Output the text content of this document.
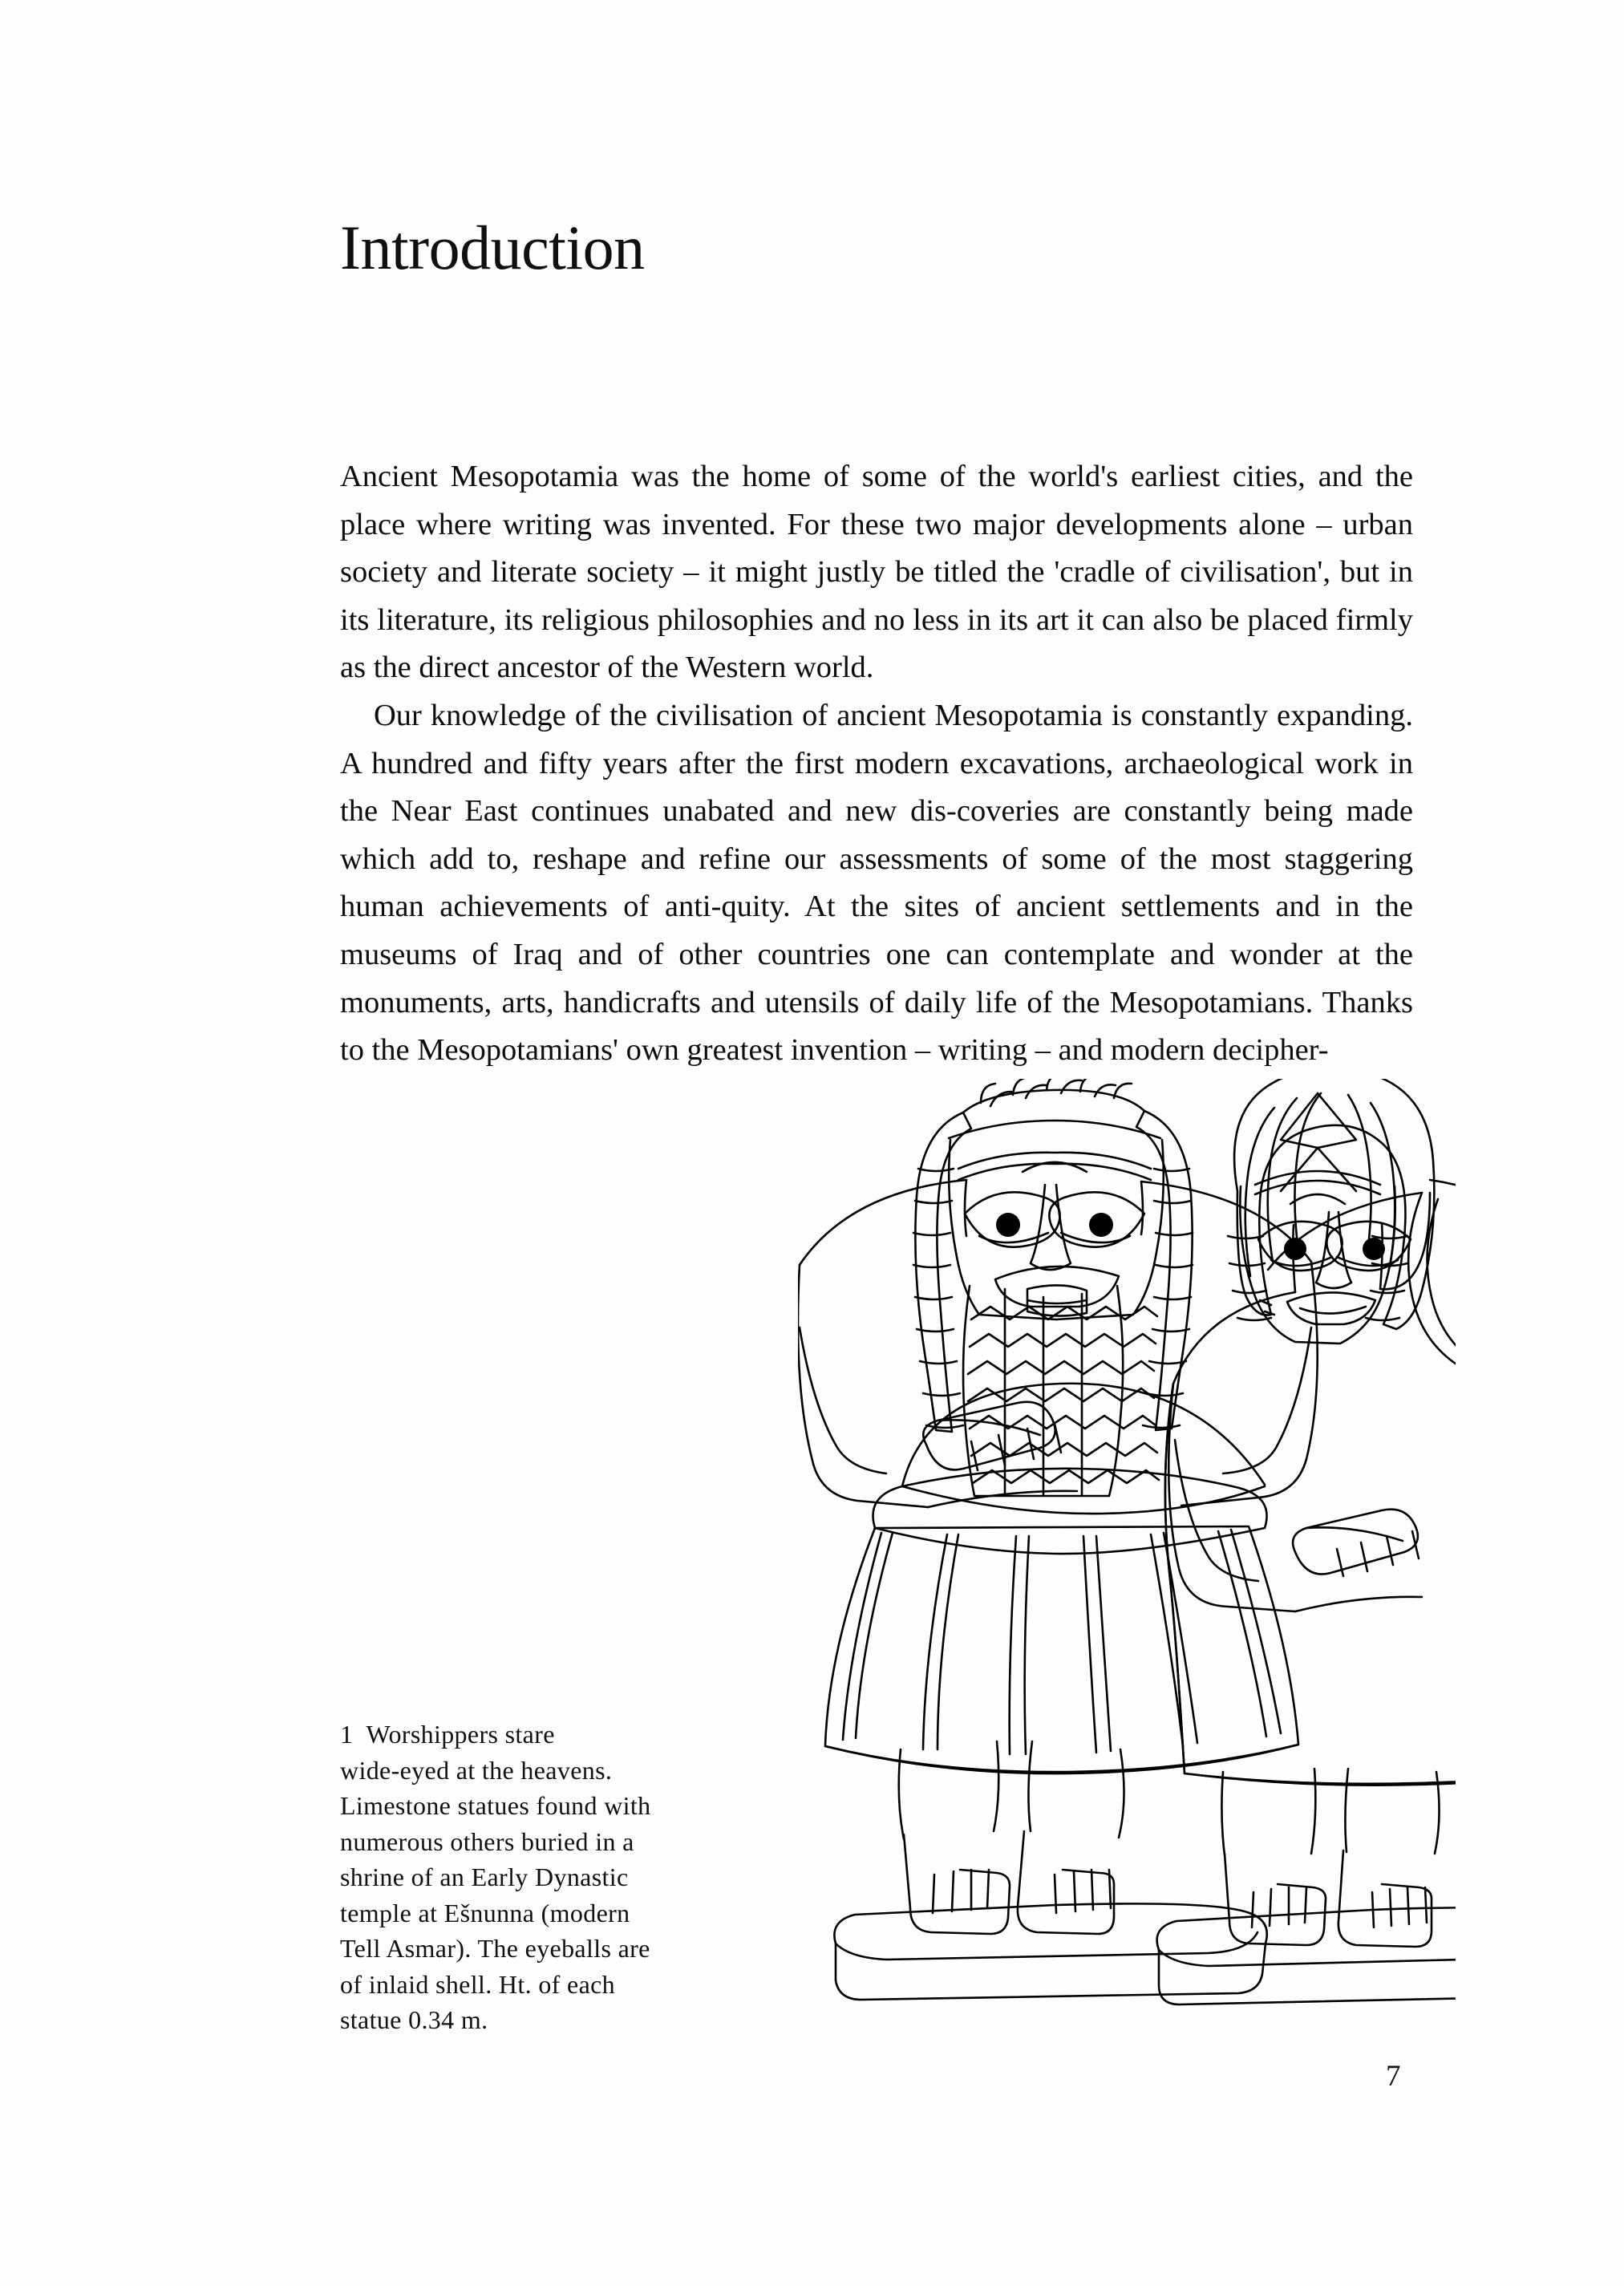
Introduction

Ancient Mesopotamia was the home of some of the world's earliest cities, and the place where writing was invented. For these two major developments alone – urban society and literate society – it might justly be titled the 'cradle of civilisation', but in its literature, its religious philosophies and no less in its art it can also be placed firmly as the direct ancestor of the Western world.

Our knowledge of the civilisation of ancient Mesopotamia is constantly expanding. A hundred and fifty years after the first modern excavations, archaeological work in the Near East continues unabated and new dis-coveries are constantly being made which add to, reshape and refine our assessments of some of the most staggering human achievements of anti-quity. At the sites of ancient settlements and in the museums of Iraq and of other countries one can contemplate and wonder at the monuments, arts, handicrafts and utensils of daily life of the Mesopotamians. Thanks to the Mesopotamians' own greatest invention – writing – and modern decipher-

1  Worshippers stare
wide-eyed at the heavens.
Limestone statues found with
numerous others buried in a
shrine of an Early Dynastic
temple at Ešnunna (modern
Tell Asmar). The eyeballs are
of inlaid shell. Ht. of each
statue 0.34 m.
7
